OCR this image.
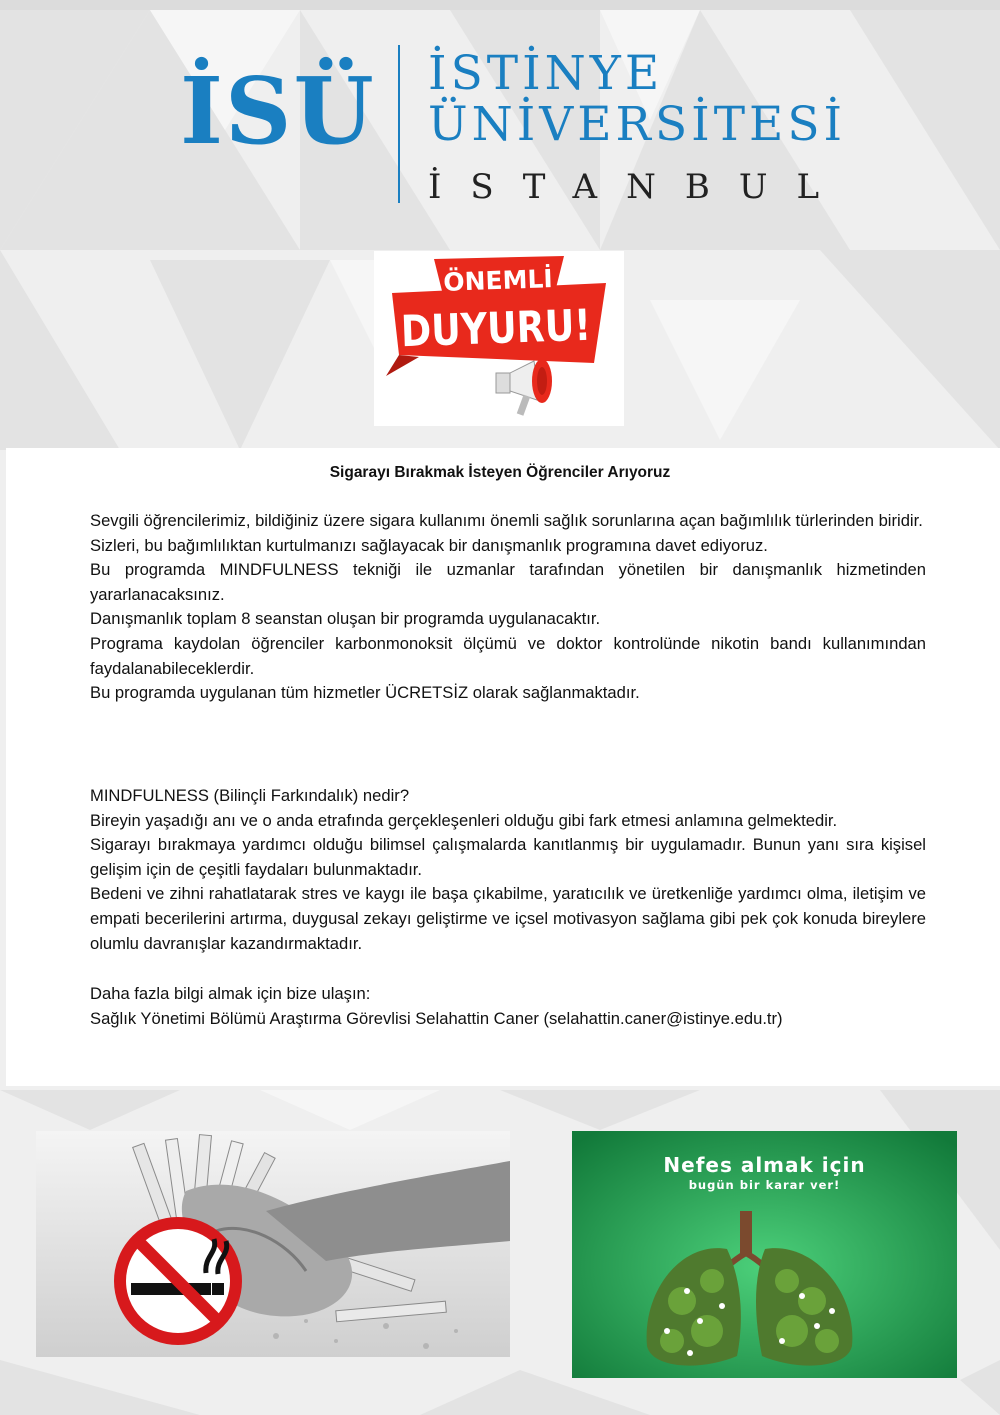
İSÜ İSTİNYE
ÜNİVERSİTESİ
İSTANBUL
ÖNEMLİ
DUYURU!
Sigarayı Bırakmak İsteyen Öğrenciler Arıyoruz

Sevgili öğrencilerimiz, bildiğiniz üzere sigara kullanımı önemli sağlık sorunlarına açan bağımlılık türlerinden biridir.

Sizleri, bu bağımlılıktan kurtulmanızı sağlayacak bir danışmanlık programına davet ediyoruz.

Bu programda MINDFULNESS tekniği ile uzmanlar tarafından yönetilen bir danışmanlık hizmetinden yararlanacaksınız.

Danışmanlık toplam 8 seanstan oluşan bir programda uygulanacaktır.

Programa kaydolan öğrenciler karbonmonoksit ölçümü ve doktor kontrolünde nikotin bandı kullanımından faydalanabileceklerdir.

Bu programda uygulanan tüm hizmetler ÜCRETSİZ olarak sağlanmaktadır.

MINDFULNESS (Bilinçli Farkındalık) nedir?

Bireyin yaşadığı anı ve o anda etrafında gerçekleşenleri olduğu gibi fark etmesi anlamına gelmektedir.

Sigarayı bırakmaya yardımcı olduğu bilimsel çalışmalarda kanıtlanmış bir uygulamadır. Bunun yanı sıra kişisel gelişim için de çeşitli faydaları bulunmaktadır.

Bedeni ve zihni rahatlatarak stres ve kaygı ile başa çıkabilme, yaratıcılık ve üretkenliğe yardımcı olma, iletişim ve empati becerilerini artırma, duygusal zekayı geliştirme ve içsel motivasyon sağlama gibi pek çok konuda bireylere olumlu davranışlar kazandırmaktadır.

Daha fazla bilgi almak için bize ulaşın:

Sağlık Yönetimi Bölümü Araştırma Görevlisi Selahattin Caner (selahattin.caner@istinye.edu.tr)

Nefes almak için
bugün bir karar ver!
